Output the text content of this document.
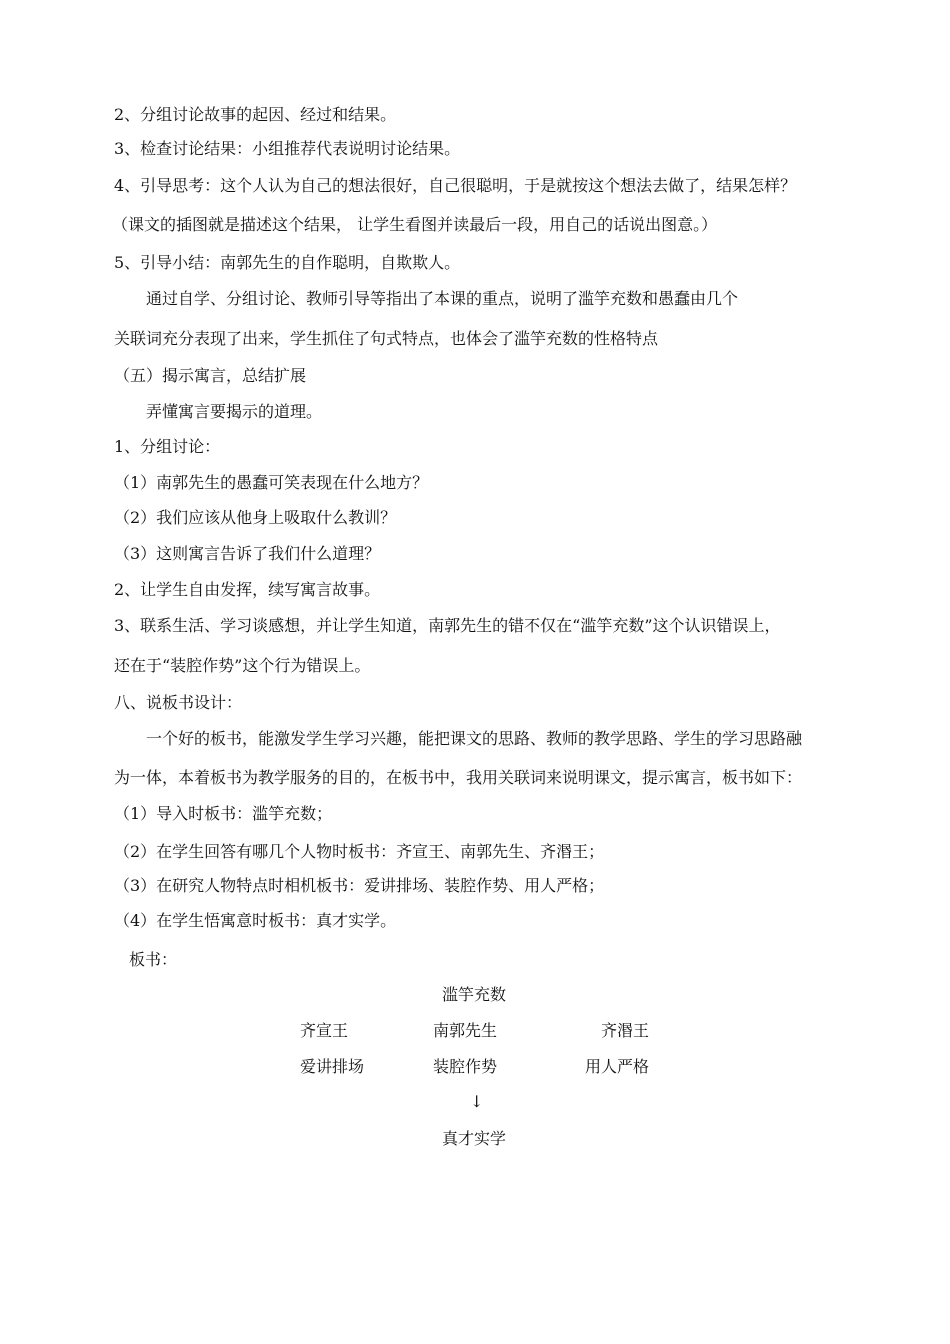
2、分组讨论故事的起因、经过和结果。
3、检查讨论结果：小组推荐代表说明讨论结果。
4、引导思考：这个人认为自己的想法很好，自己很聪明，于是就按这个想法去做了，结果怎样？
（课文的插图就是描述这个结果， 让学生看图并读最后一段，用自己的话说出图意。）
5、引导小结：南郭先生的自作聪明，自欺欺人。
通过自学、分组讨论、教师引导等指出了本课的重点，说明了滥竽充数和愚蠢由几个
关联词充分表现了出来，学生抓住了句式特点，也体会了滥竽充数的性格特点
（五）揭示寓言，总结扩展
弄懂寓言要揭示的道理。
1、分组讨论：
（1）南郭先生的愚蠢可笑表现在什么地方？
（2）我们应该从他身上吸取什么教训？
（3）这则寓言告诉了我们什么道理？
2、让学生自由发挥，续写寓言故事。
3、联系生活、学习谈感想，并让学生知道，南郭先生的错不仅在“滥竽充数”这个认识错误上，
还在于“装腔作势”这个行为错误上。
八、说板书设计：
一个好的板书，能激发学生学习兴趣，能把课文的思路、教师的教学思路、学生的学习思路融
为一体，本着板书为教学服务的目的，在板书中，我用关联词来说明课文，提示寓言，板书如下：
（1）导入时板书：滥竽充数；
（2）在学生回答有哪几个人物时板书：齐宣王、南郭先生、齐湣王；
（3）在研究人物特点时相机板书：爱讲排场、装腔作势、用人严格；
（4）在学生悟寓意时板书：真才实学。
板书：
滥竽充数
齐宣王	南郭先生	齐湣王
爱讲排场	装腔作势	用人严格
↓
真才实学
